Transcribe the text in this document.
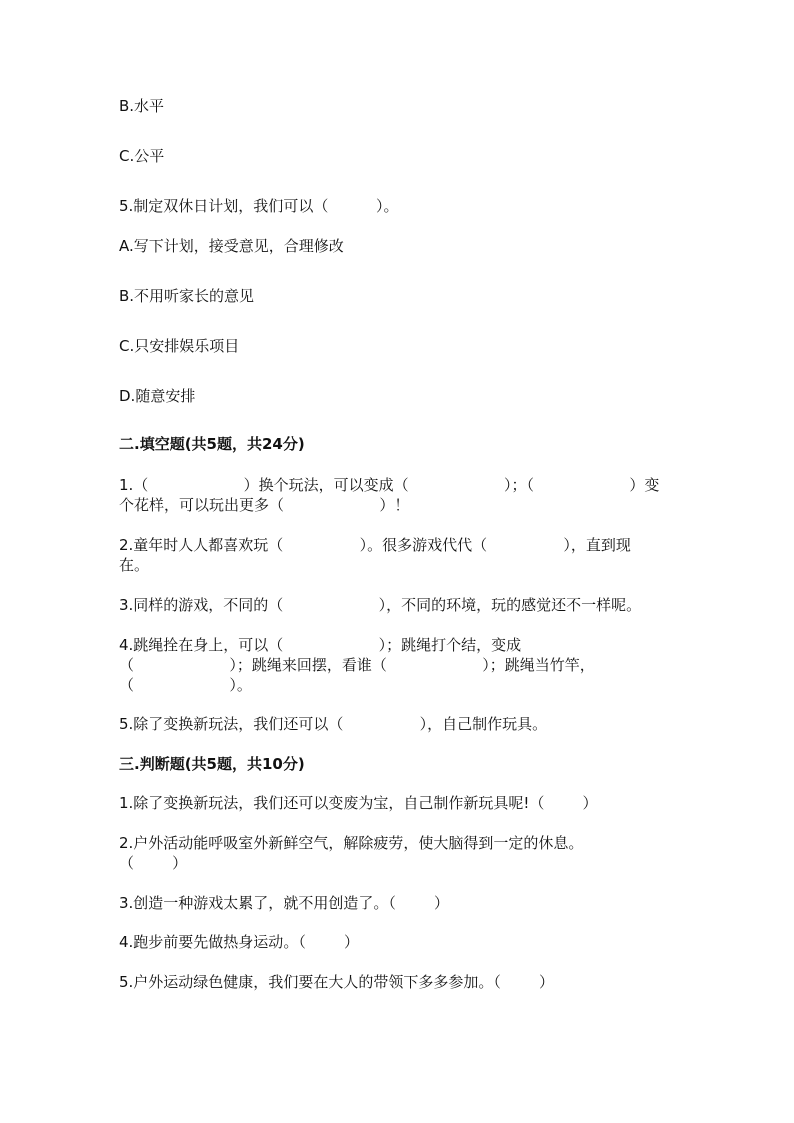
B.水平
C.公平
5.制定双休日计划，我们可以（          ）。
A.写下计划，接受意见，合理修改
B.不用听家长的意见
C.只安排娱乐项目
D.随意安排
二.填空题(共5题，共24分)
1.（                    ）换个玩法，可以变成（                    ）；（                    ）变
个花样，可以玩出更多（                    ）！
2.童年时人人都喜欢玩（                ）。很多游戏代代（                ），直到现
在。
3.同样的游戏，不同的（                    ），不同的环境，玩的感觉还不一样呢。
4.跳绳拴在身上，可以（                    ）；跳绳打个结，变成
（                    ）；跳绳来回摆，看谁（                    ）；跳绳当竹竿，
（                    ）。
5.除了变换新玩法，我们还可以（                ），自己制作玩具。
三.判断题(共5题，共10分)
1.除了变换新玩法，我们还可以变废为宝，自己制作新玩具呢!（        ）
2.户外活动能呼吸室外新鲜空气，解除疲劳，使大脑得到一定的休息。
（        ）
3.创造一种游戏太累了，就不用创造了。（        ）
4.跑步前要先做热身运动。（        ）
5.户外运动绿色健康，我们要在大人的带领下多多参加。（        ）
